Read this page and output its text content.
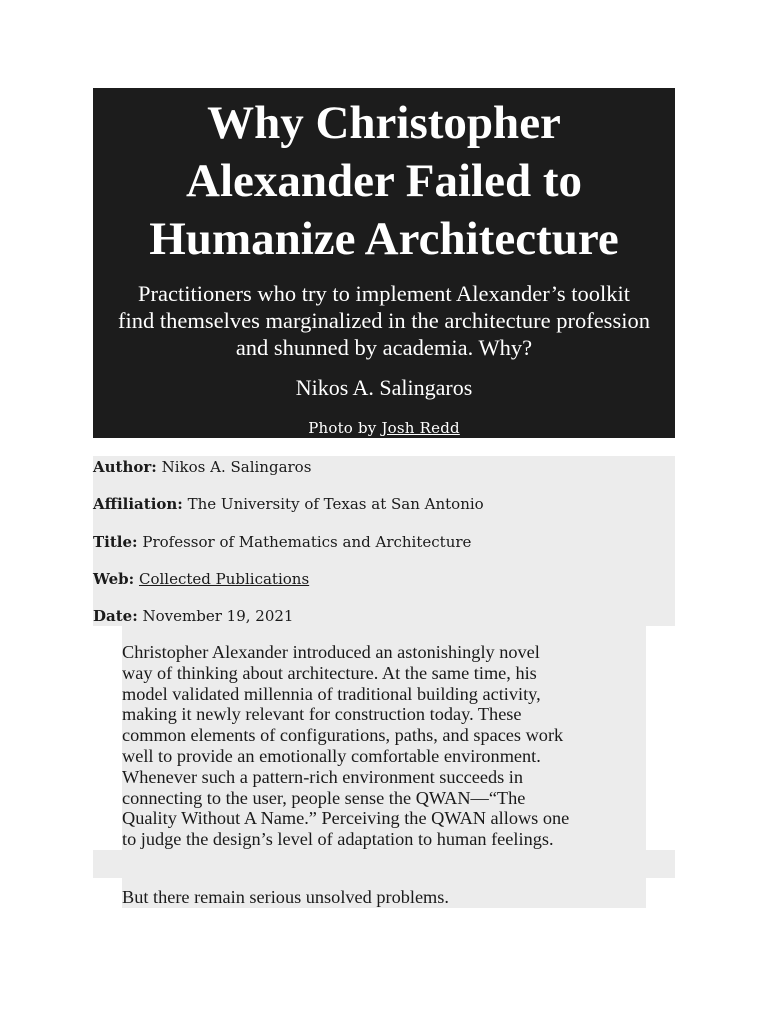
Why Christopher
Alexander Failed to
Humanize Architecture

Practitioners who try to implement Alexander’s toolkit
find themselves marginalized in the architecture profession
and shunned by academia. Why?

Nikos A. Salingaros

Photo by Josh Redd

Author: Nikos A. Salingaros

Affiliation: The University of Texas at San Antonio

Title: Professor of Mathematics and Architecture

Web: Collected Publications

Date: November 19, 2021

Christopher Alexander introduced an astonishingly novel
way of thinking about architecture. At the same time, his
model validated millennia of traditional building activity,
making it newly relevant for construction today. These
common elements of configurations, paths, and spaces work
well to provide an emotionally comfortable environment.
Whenever such a pattern-rich environment succeeds in
connecting to the user, people sense the QWAN—“The
Quality Without A Name.” Perceiving the QWAN allows one
to judge the design’s level of adaptation to human feelings.

But there remain serious unsolved problems.
